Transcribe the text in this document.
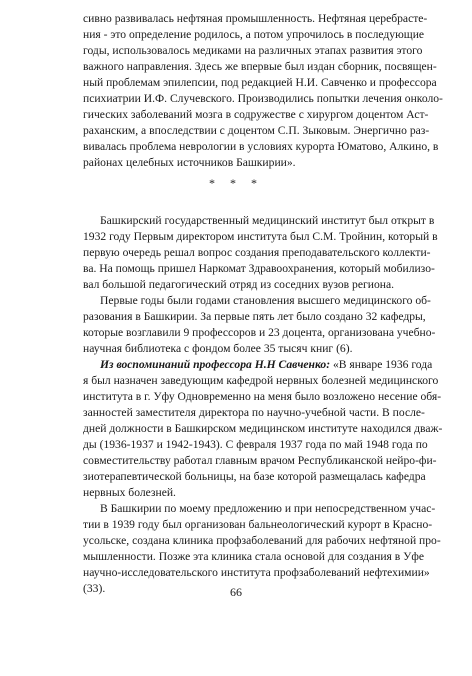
сивно развивалась нефтяная промышленность. Нефтяная церебрасте-
ния - это определение родилось, а потом упрочилось в последующие
годы, использовалось медиками на различных этапах развития этого
важного направления. Здесь же впервые был издан сборник, посвящен-
ный проблемам эпилепсии, под редакцией Н.И. Савченко и профессора
психиатрии И.Ф. Случевского. Производились попытки лечения онколо-
гических заболеваний мозга в содружестве с хирургом доцентом Аст-
раханским, а впоследствии с доцентом С.П. Зыковым. Энергично раз-
вивалась проблема неврологии в условиях курорта Юматово, Алкино, в
районах целебных источников Башкирии».
Башкирский государственный медицинский институт был открыт в
1932 году Первым директором института был С.М. Тройнин, который в
первую очередь решал вопрос создания преподавательского коллекти-
ва. На помощь пришел Наркомат Здравоохранения, который мобилизо-
вал большой педагогический отряд из соседних вузов региона.
Первые годы были годами становления высшего медицинского об-
разования в Башкирии. За первые пять лет было создано 32 кафедры,
которые возглавили 9 профессоров и 23 доцента, организована учебно-
научная библиотека с фондом более 35 тысяч книг (6).
Из воспоминаний профессора Н.Н Савченко: «В январе 1936 года
я был назначен заведующим кафедрой нервных болезней медицинского
института в г. Уфу Одновременно на меня было возложено несение обя-
занностей заместителя директора по научно-учебной части. В после-
дней должности в Башкирском медицинском институте находился дваж-
ды (1936-1937 и 1942-1943). С февраля 1937 года по май 1948 года по
совместительству работал главным врачом Республиканской нейро-фи-
зиотерапевтической больницы, на базе которой размещалась кафедра
нервных болезней.
В Башкирии по моему предложению и при непосредственном учас-
тии в 1939 году был организован бальнеологический курорт в Красно-
усольске, создана клиника профзаболеваний для рабочих нефтяной про-
мышленности. Позже эта клиника стала основой для создания в Уфе
научно-исследовательского института профзаболеваний нефтехимии»
(33).
* * *
66
